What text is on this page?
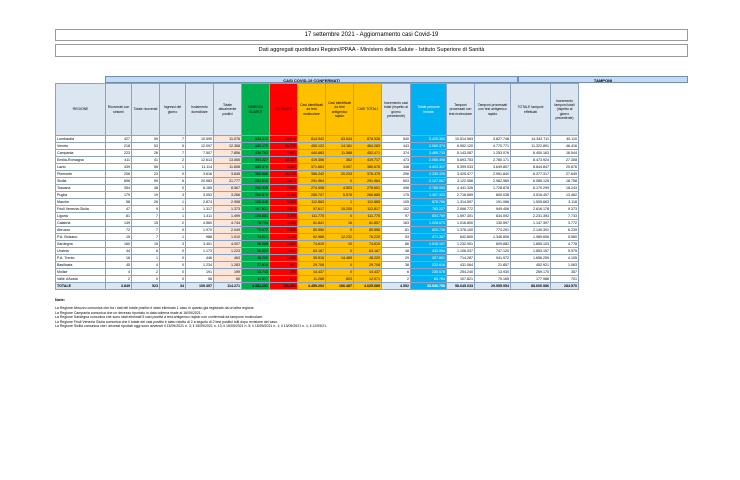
17 settembre 2021 - Aggiornamento casi Covid-19
Dati aggregati quotidiani Regioni/PPAA - Ministero della Salute - Istituto Superiore di Sanità
CASI COVID-19 CONFERMATI	TAMPONI
REGIONE	Ricoverati con sintomi	Totale ricoverati	Ingressi del giorno	Isolamento domiciliare	Totale attualmente positivi	DIMESSI/ GUARITI	DECEDUTI	Casi identificati da test molecolare	Casi identificati da test antigenico rapido	CASI TOTALI	Incremento casi totali (rispetto al giorno precedente)	Totale persone testate	Tamponi processati con test molecolare	Tamponi processati con test antigenico rapido	TOTALE tamponi effettuati	Incremento tamponi totali (rispetto al giorno precedente)
Lombardia	427	59	7	10.590	11.076	834.471	33.974	814.942	63.544	878.526	540	5.425.300	10.514.963	3.827.748	14.342.711	40.110
Veneto	218	53	5	12.097	12.368	440.179	11.736	450.122	14.161	464.283	443	2.069.374	6.552.120	4.770.771	11.322.891	46.416
Campania	223	26	7	7.507	7.856	436.763	7.853	440.883	11.588	452.471	374	3.489.733	5.143.087	1.253.076	6.400.163	16.544
Emilia-Romagna	411	41	2	12.613	13.065	393.227	13.427	419.356	362	419.717	473	2.056.498	5.693.753	2.780.171	8.473.924	27.308
Lazio	439	55	1	11.114	11.608	360.475	8.593	371.663	9.007	380.676	348	4.423.317	5.399.033	3.649.807	8.844.847	20.676
Piemonte	206	23	0	3.616	3.845	360.668	11.742	356.242	20.233	376.475	296	2.335.325	3.425.477	2.951.840	6.377.317	27.649
Sicilia	696	99	6	20.983	21.777	263.514	6.673	291.964	0	291.964	603	2.127.667	3.122.556	2.962.569	6.085.125	18.758
Toscana	354	48	0	8.165	8.567	262.935	7.099	274.008	4.593	278.601	498	2.785.993	4.441.326	1.728.878	6.170.299	18.243
Puglia	179	19	3	3.053	3.266	250.875	6.764	265.707	5.578	266.885	175	1.407.323	2.716.669	800.038	3.516.407	13.462
Marche	58	26	1	2.874	2.958	106.845	3.062	112.863	1	112.865	105	876.766	1.314.597	191.066	1.505.663	3.118
Friuli Venezia Giulia	47	9	1	1.317	1.373	107.631	3.813	97.617	15.200	112.817	102	783.227	2.066.772	949.406	2.616.178	9.373
Liguria	81	7	1	1.411	1.499	105.881	4.395	111.775	0	111.775	97	834.769	1.597.301	634.092	2.231.393	7.733
Calabria	149	15	2	4.560	4.744	75.794	1.369	81.841	16	81.857	163	1.028.673	1.016.800	130.597	1.147.397	3.772
Abruzzo	72	7	0	1.970	2.049	75.972	2.535	80.556	0	80.556	81	825.728	1.376.100	773.291	2.149.391	6.239
P.A. Bolzano	15	7	1	988	1.010	74.021	1.189	62.988	12.232	76.220	53	471.307	642.800	1.346.806	1.989.606	5.560
Sardegna	160	15	3	3.401	4.007	66.988	1.634	74.619	10	74.619	86	1.015.107	1.232.901	609.882	1.855.103	4.778
Umbria	44	6	0	1.173	1.223	60.503	1.441	63.167	0	63.167	48	433.554	1.106.037	747.120	1.853.157	5.975
P.A. Trento	16	1	0	446	463	48.209	1.368	35.516	14.489	48.220	29	307.851	714.287	941.972	1.656.259	4.105
Basilicata	45	4	0	1.234	1.283	27.818	607	29.708	0	29.708	38	233.616	431.064	21.857	452.921	1.063
Molise	4	2	0	191	199	13.743	499	14.437	0	14.437	6	235.578	254.240	13.930	269.170	357
Valle d'Aosta	2	0	0	58	60	11.537	473	11.268	803	12.071	2	83.764	107.821	70.165	177.986	701
TOTALE	3.849	523	34	109.357	114.271	4.381.191	130.201	4.459.202	166.487	4.625.689	4.552	33.536.758	58.645.033	29.955.954	88.600.986	284.570
Note:
La Regione Abruzzo comunica che tra i dati del totale positivi è stato eliminato 1 caso in quanto già registrato da un'altra regione.
La Regione Campania comunica che un decesso riportato in data odierna risale al 16/09/2021.
La Regione Sardegna comunica che sono stati eliminati 5 casi positivi a test antigenico rapido non confermati da tampone molecolare.
La Regione Friuli Venezia Giulia comunica che il totale dei casi positivi è stato ridotto di 2 a seguito di 2 test positivi tolti dopo revisione del caso.
La Regione Sicilia comunica che i decessi riportati oggi sono avvenuti il 13/09/2021 n. 3; il 15/09/2021 n. 13; il 16/09/2021 n. 5; il 15/09/2021 n. 1; il 13/09/2021 n. 1; il 12/09/21.
